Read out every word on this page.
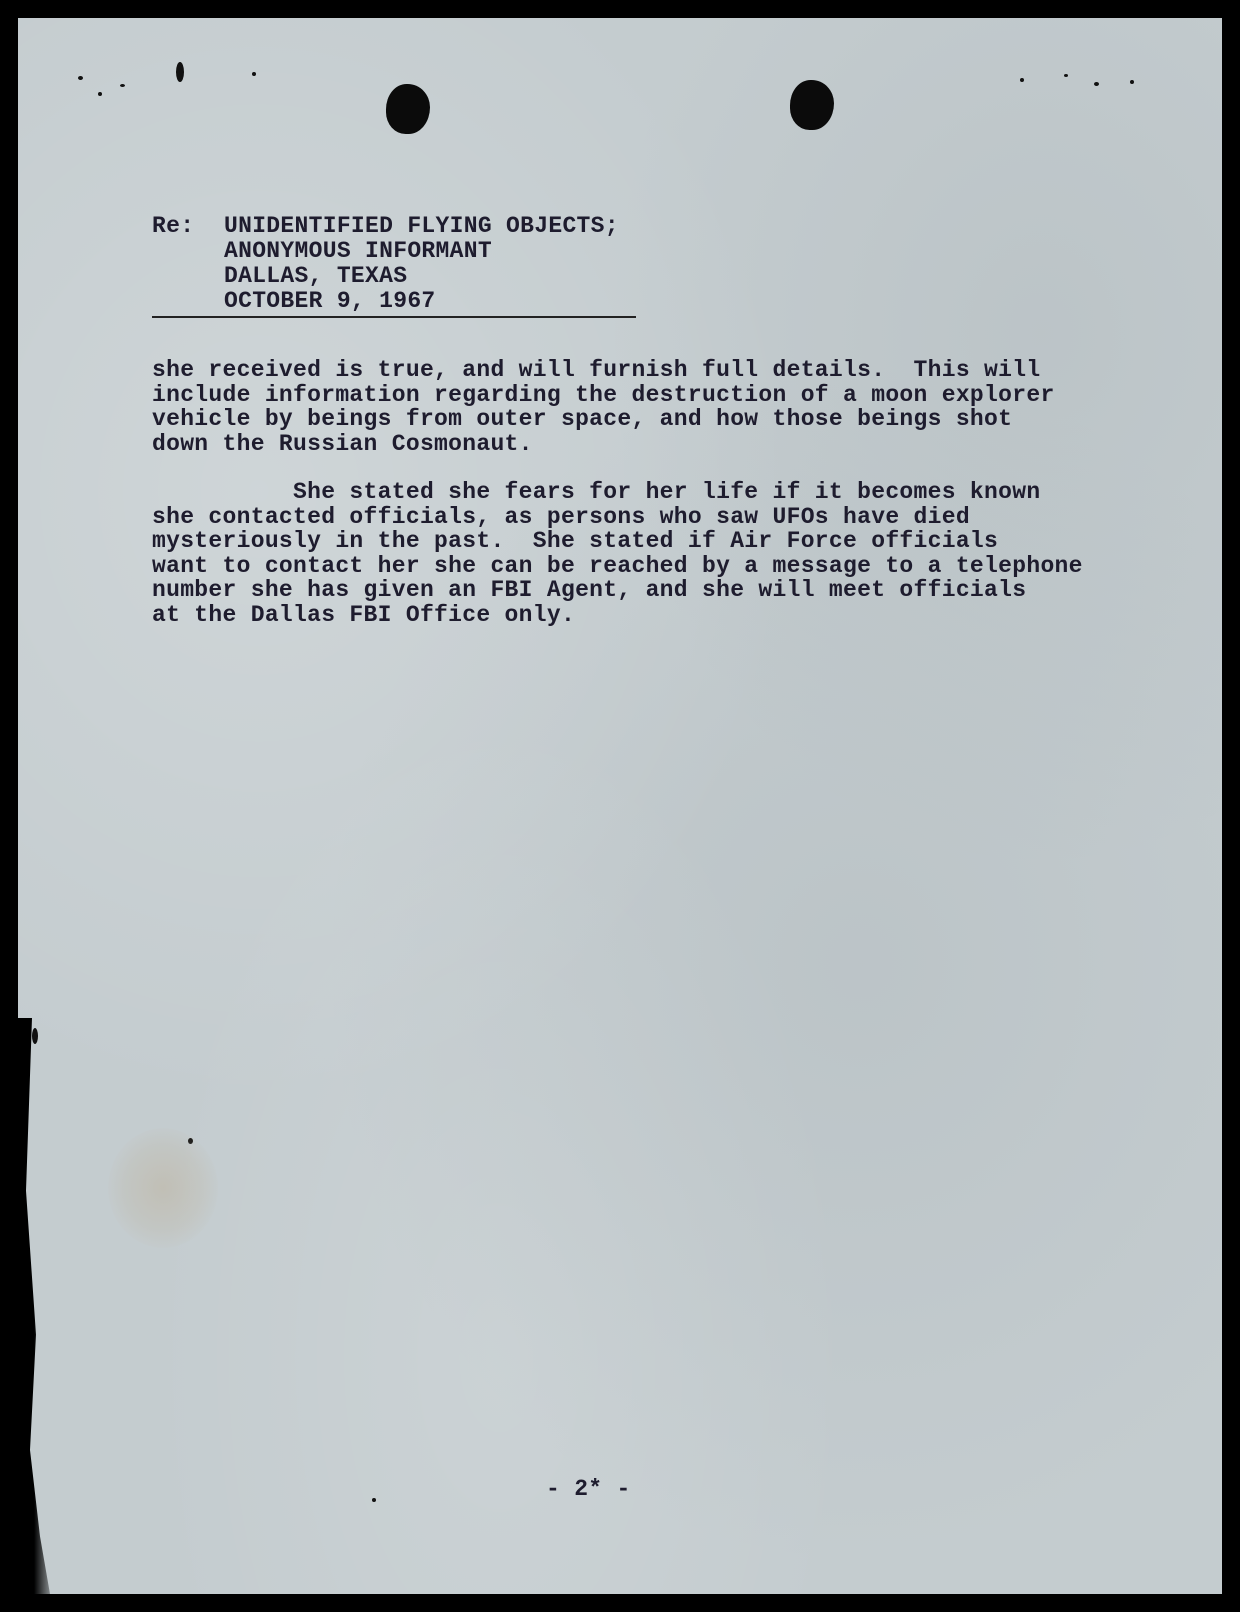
Re:	UNIDENTIFIED FLYING OBJECTS;
ANONYMOUS INFORMANT
DALLAS, TEXAS
OCTOBER 9, 1967
she received is true, and will furnish full details.  This will
include information regarding the destruction of a moon explorer
vehicle by beings from outer space, and how those beings shot
down the Russian Cosmonaut.
She stated she fears for her life if it becomes known
she contacted officials, as persons who saw UFOs have died
mysteriously in the past.  She stated if Air Force officials
want to contact her she can be reached by a message to a telephone
number she has given an FBI Agent, and she will meet officials
at the Dallas FBI Office only.
- 2* -
